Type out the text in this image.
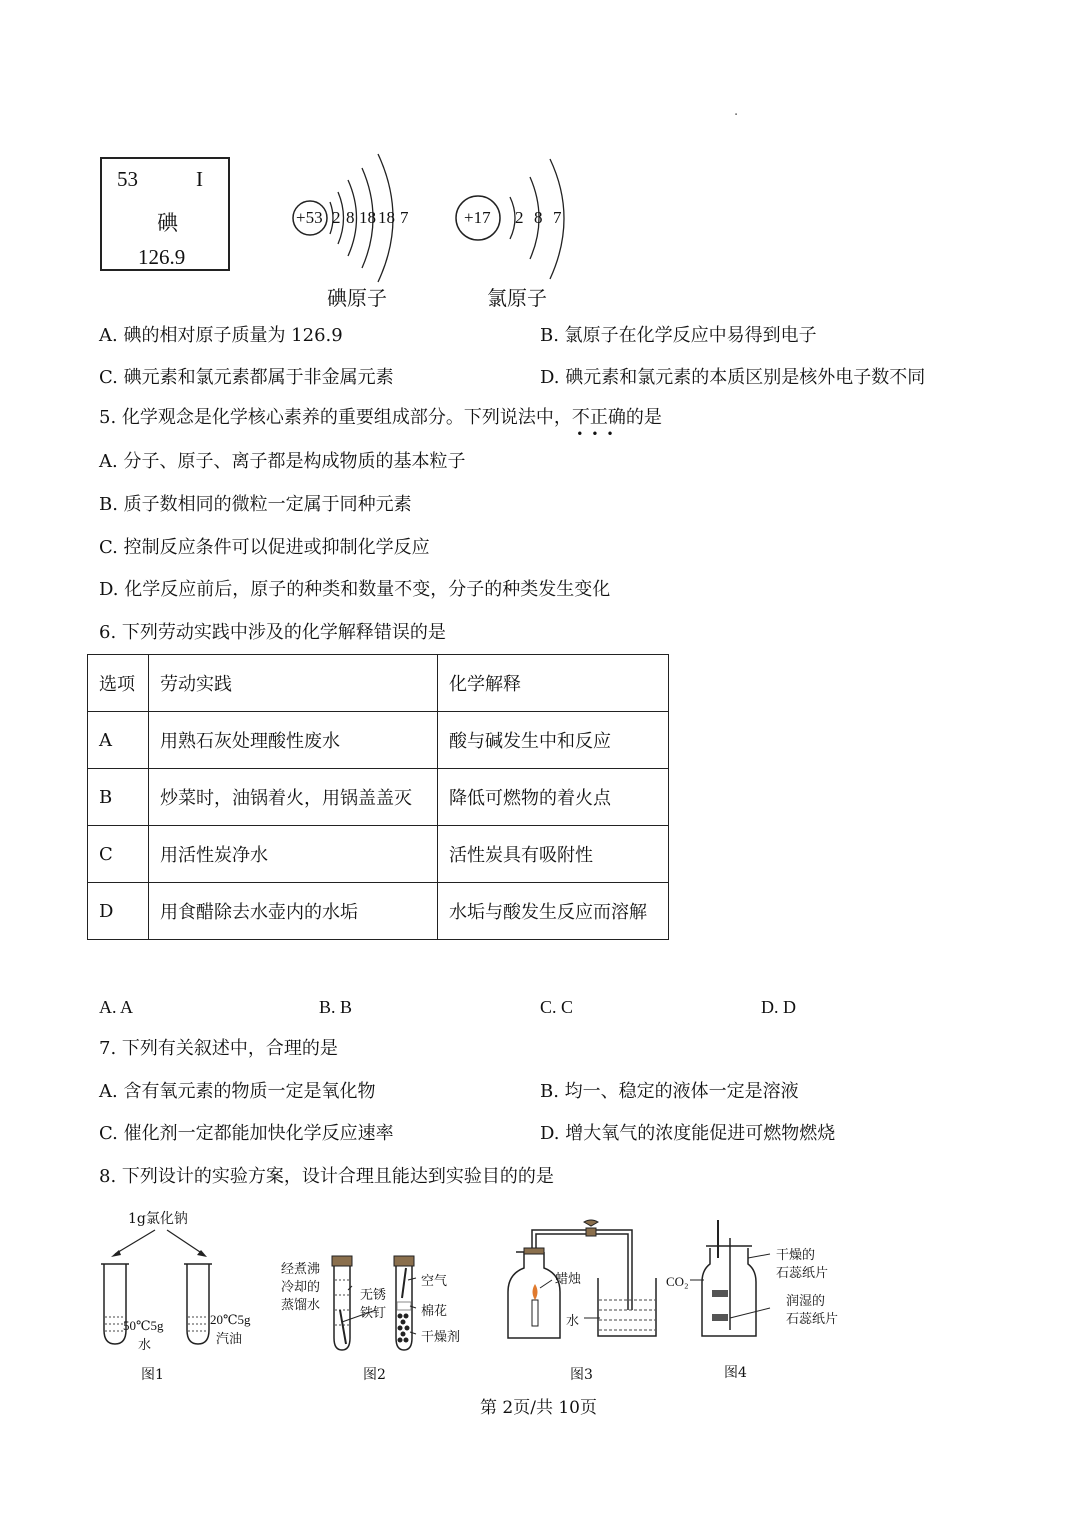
.
53	I
碘
126.9
+53 2 8 18 18 7
碘原子
+17 2 8 7
氯原子
A. 碘的相对原子质量为 126.9	B. 氯原子在化学反应中易得到电子
C. 碘元素和氯元素都属于非金属元素	D. 碘元素和氯元素的本质区别是核外电子数不同
5. 化学观念是化学核心素养的重要组成部分。下列说法中，不正确
•••
的是
A. 分子、原子、离子都是构成物质的基本粒子
B. 质子数相同的微粒一定属于同种元素
C. 控制反应条件可以促进或抑制化学反应
D. 化学反应前后，原子的种类和数量不变，分子的种类发生变化
6. 下列劳动实践中涉及的化学解释错误的是
选项	劳动实践	化学解释
A	用熟石灰处理酸性废水	酸与碱发生中和反应
B	炒菜时，油锅着火，用锅盖盖灭	降低可燃物的着火点
C	用活性炭净水	活性炭具有吸附性
D	用食醋除去水壶内的水垢	水垢与酸发生反应而溶解
A. A	B. B	C. C	D. D
7. 下列有关叙述中，合理的是
A. 含有氧元素的物质一定是氧化物	B. 均一、稳定的液体一定是溶液
C. 催化剂一定都能加快化学反应速率	D. 增大氧气的浓度能促进可燃物燃烧
8. 下列设计的实验方案，设计合理且能达到实验目的的是
1g氯化钠
50℃5g
水
20℃5g
汽油
图1
经煮沸
冷却的
蒸馏水
无锈
铁钉
空气
棉花
干燥剂
图2
蜡烛
水
图3
CO₂
干燥的
石蕊纸片
润湿的
石蕊纸片
图4
第 2页/共 10页
